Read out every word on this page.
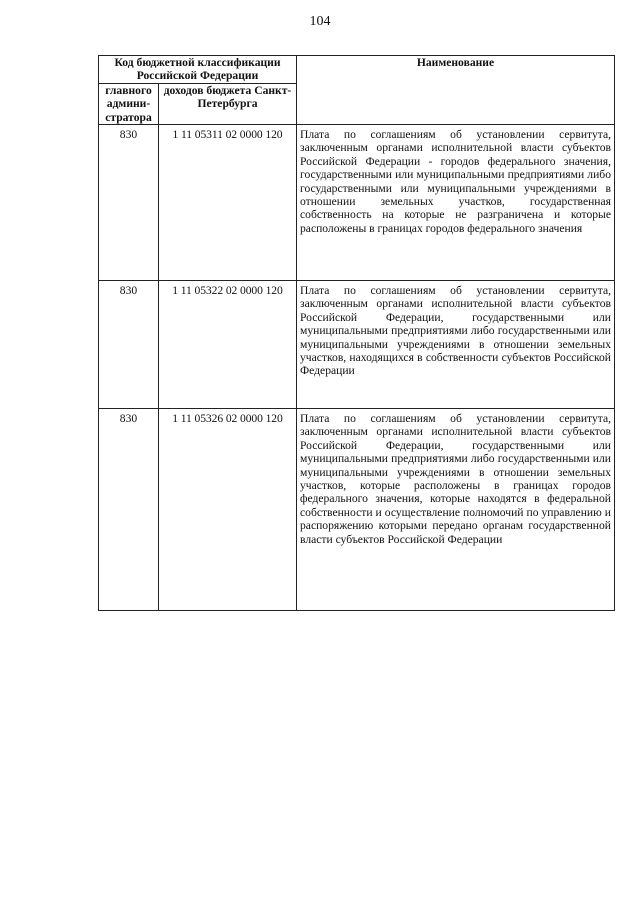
104
Код бюджетной классификации Российской Федерации		Наименование
главного админи-стратора	доходов бюджета Санкт-Петербурга	
830	1 11 05311 02 0000 120	Плата по соглашениям об установлении сервитута, заключенным органами исполнительной власти субъектов Российской Федерации - городов федерального значения, государственными или муниципальными предприятиями либо государственными или муниципальными учреждениями в отношении земельных участков, государственная собственность на которые не разграничена и которые расположены в границах городов федерального значения
830	1 11 05322 02 0000 120	Плата по соглашениям об установлении сервитута, заключенным органами исполнительной власти субъектов Российской Федерации, государственными или муниципальными предприятиями либо государственными или муниципальными учреждениями в отношении земельных участков, находящихся в собственности субъектов Российской Федерации
830	1 11 05326 02 0000 120	Плата по соглашениям об установлении сервитута, заключенным органами исполнительной власти субъектов Российской Федерации, государственными или муниципальными предприятиями либо государственными или муниципальными учреждениями в отношении земельных участков, которые расположены в границах городов федерального значения, которые находятся в федеральной собственности и осуществление полномочий по управлению и распоряжению которыми передано органам государственной власти субъектов Российской Федерации
